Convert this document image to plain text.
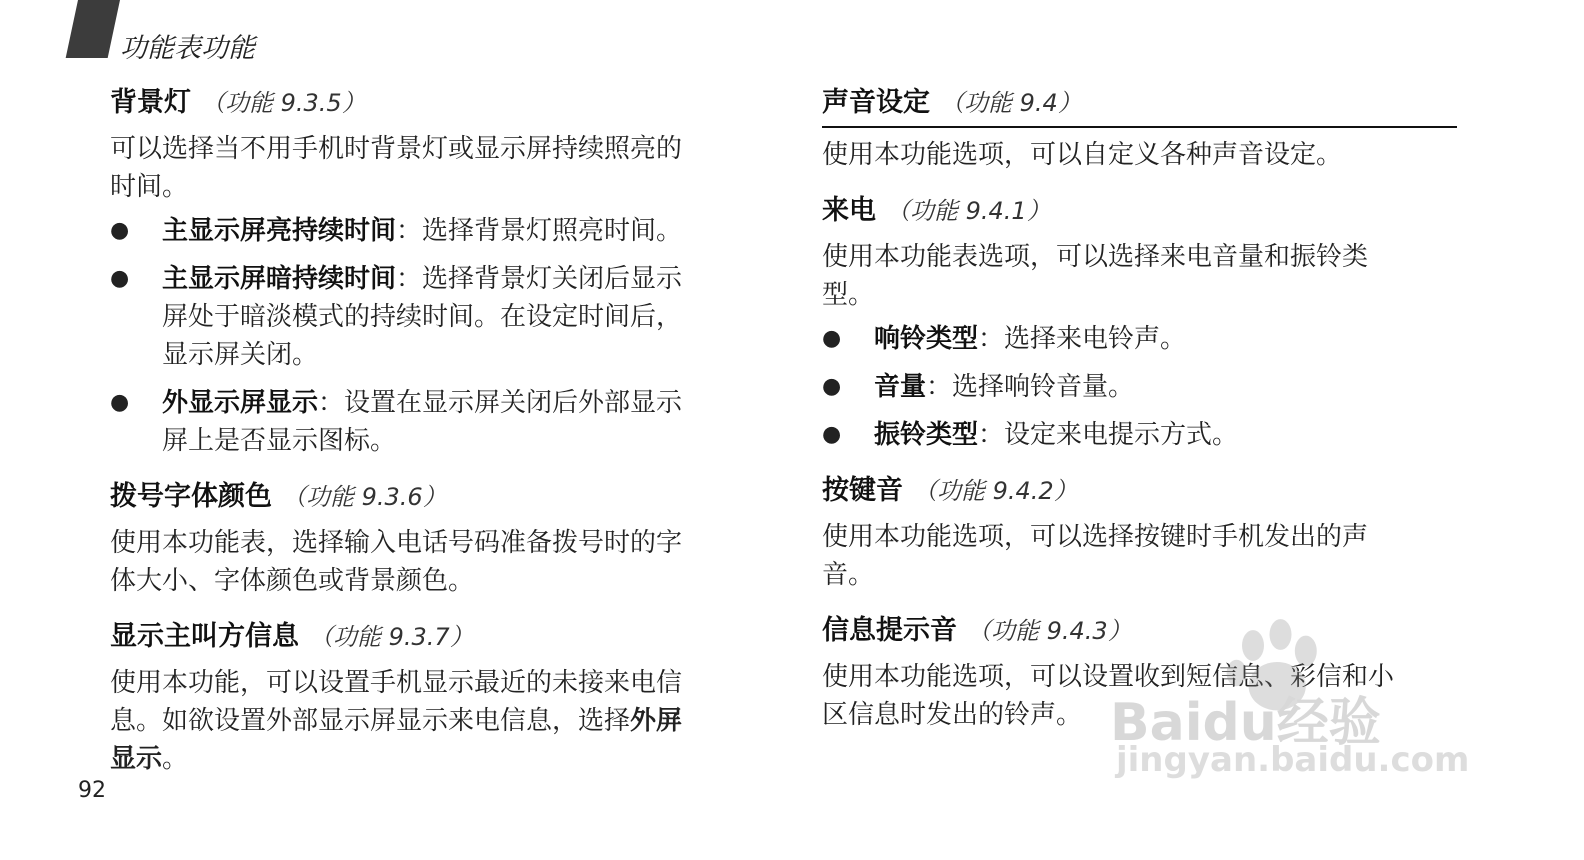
功能表功能
背景灯 （功能 9.3.5）

可以选择当不用手机时背景灯或显示屏持续照亮的
时间。

● 主显示屏亮持续时间：选择背景灯照亮时间。
● 主显示屏暗持续时间：选择背景灯关闭后显示
屏处于暗淡模式的持续时间。在设定时间后，
显示屏关闭。
● 外显示屏显示：设置在显示屏关闭后外部显示
屏上是否显示图标。
拨号字体颜色 （功能 9.3.6）

使用本功能表，选择输入电话号码准备拨号时的字
体大小、字体颜色或背景颜色。

显示主叫方信息 （功能 9.3.7）

使用本功能，可以设置手机显示最近的未接来电信
息。如欲设置外部显示屏显示来电信息，选择外屏
显示。

声音设定 （功能 9.4）

使用本功能选项，可以自定义各种声音设定。

来电 （功能 9.4.1）

使用本功能表选项，可以选择来电音量和振铃类
型。

● 响铃类型：选择来电铃声。
● 音量：选择响铃音量。
● 振铃类型：设定来电提示方式。
按键音 （功能 9.4.2）

使用本功能选项，可以选择按键时手机发出的声
音。

信息提示音 （功能 9.4.3）

使用本功能选项，可以设置收到短信息、彩信和小
区信息时发出的铃声。

92
Baidu经验
jingyan.baidu.com
